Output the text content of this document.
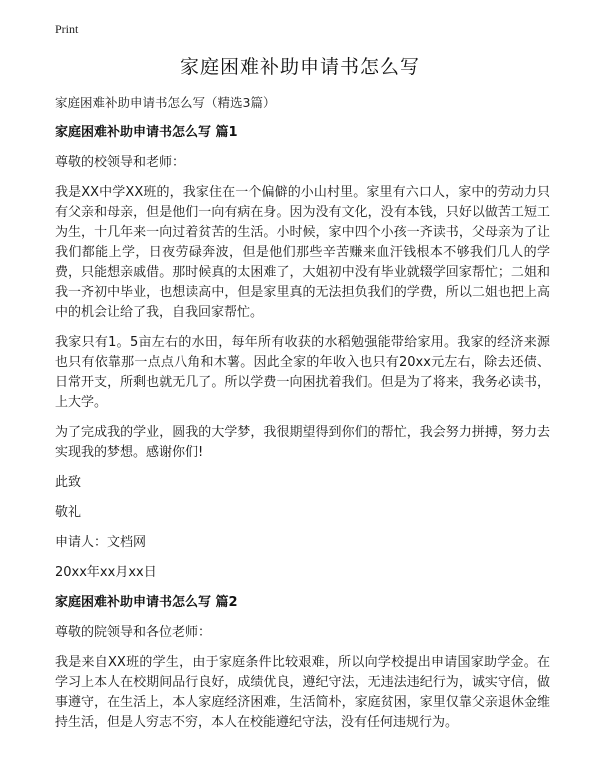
Print
家庭困难补助申请书怎么写

家庭困难补助申请书怎么写（精选3篇）

家庭困难补助申请书怎么写 篇1

尊敬的校领导和老师：

我是XX中学XX班的，我家住在一个偏僻的小山村里。家里有六口人，家中的劳动力只有父亲和母亲，但是他们一向有病在身。因为没有文化，没有本钱，只好以做苦工短工为生，十几年来一向过着贫苦的生活。小时候，家中四个小孩一齐读书，父母亲为了让我们都能上学，日夜劳碌奔波，但是他们那些辛苦赚来血汗钱根本不够我们几人的学费，只能想亲戚借。那时候真的太困难了，大姐初中没有毕业就辍学回家帮忙；二姐和我一齐初中毕业，也想读高中，但是家里真的无法担负我们的学费，所以二姐也把上高中的机会让给了我，自我回家帮忙。

我家只有1。5亩左右的水田，每年所有收获的水稻勉强能带给家用。我家的经济来源也只有依靠那一点点八角和木薯。因此全家的年收入也只有20xx元左右，除去还债、日常开支，所剩也就无几了。所以学费一向困扰着我们。但是为了将来，我务必读书，上大学。

为了完成我的学业，圆我的大学梦，我很期望得到你们的帮忙，我会努力拼搏，努力去实现我的梦想。感谢你们!

此致

敬礼

申请人：文档网

20xx年xx月xx日

家庭困难补助申请书怎么写 篇2

尊敬的院领导和各位老师：

我是来自XX班的学生，由于家庭条件比较艰难，所以向学校提出申请国家助学金。在学习上本人在校期间品行良好，成绩优良，遵纪守法，无违法违纪行为，诚实守信，做事遵守，在生活上，本人家庭经济困难，生活简朴，家庭贫困，家里仅靠父亲退休金维持生活，但是人穷志不穷，本人在校能遵纪守法，没有任何违规行为。
